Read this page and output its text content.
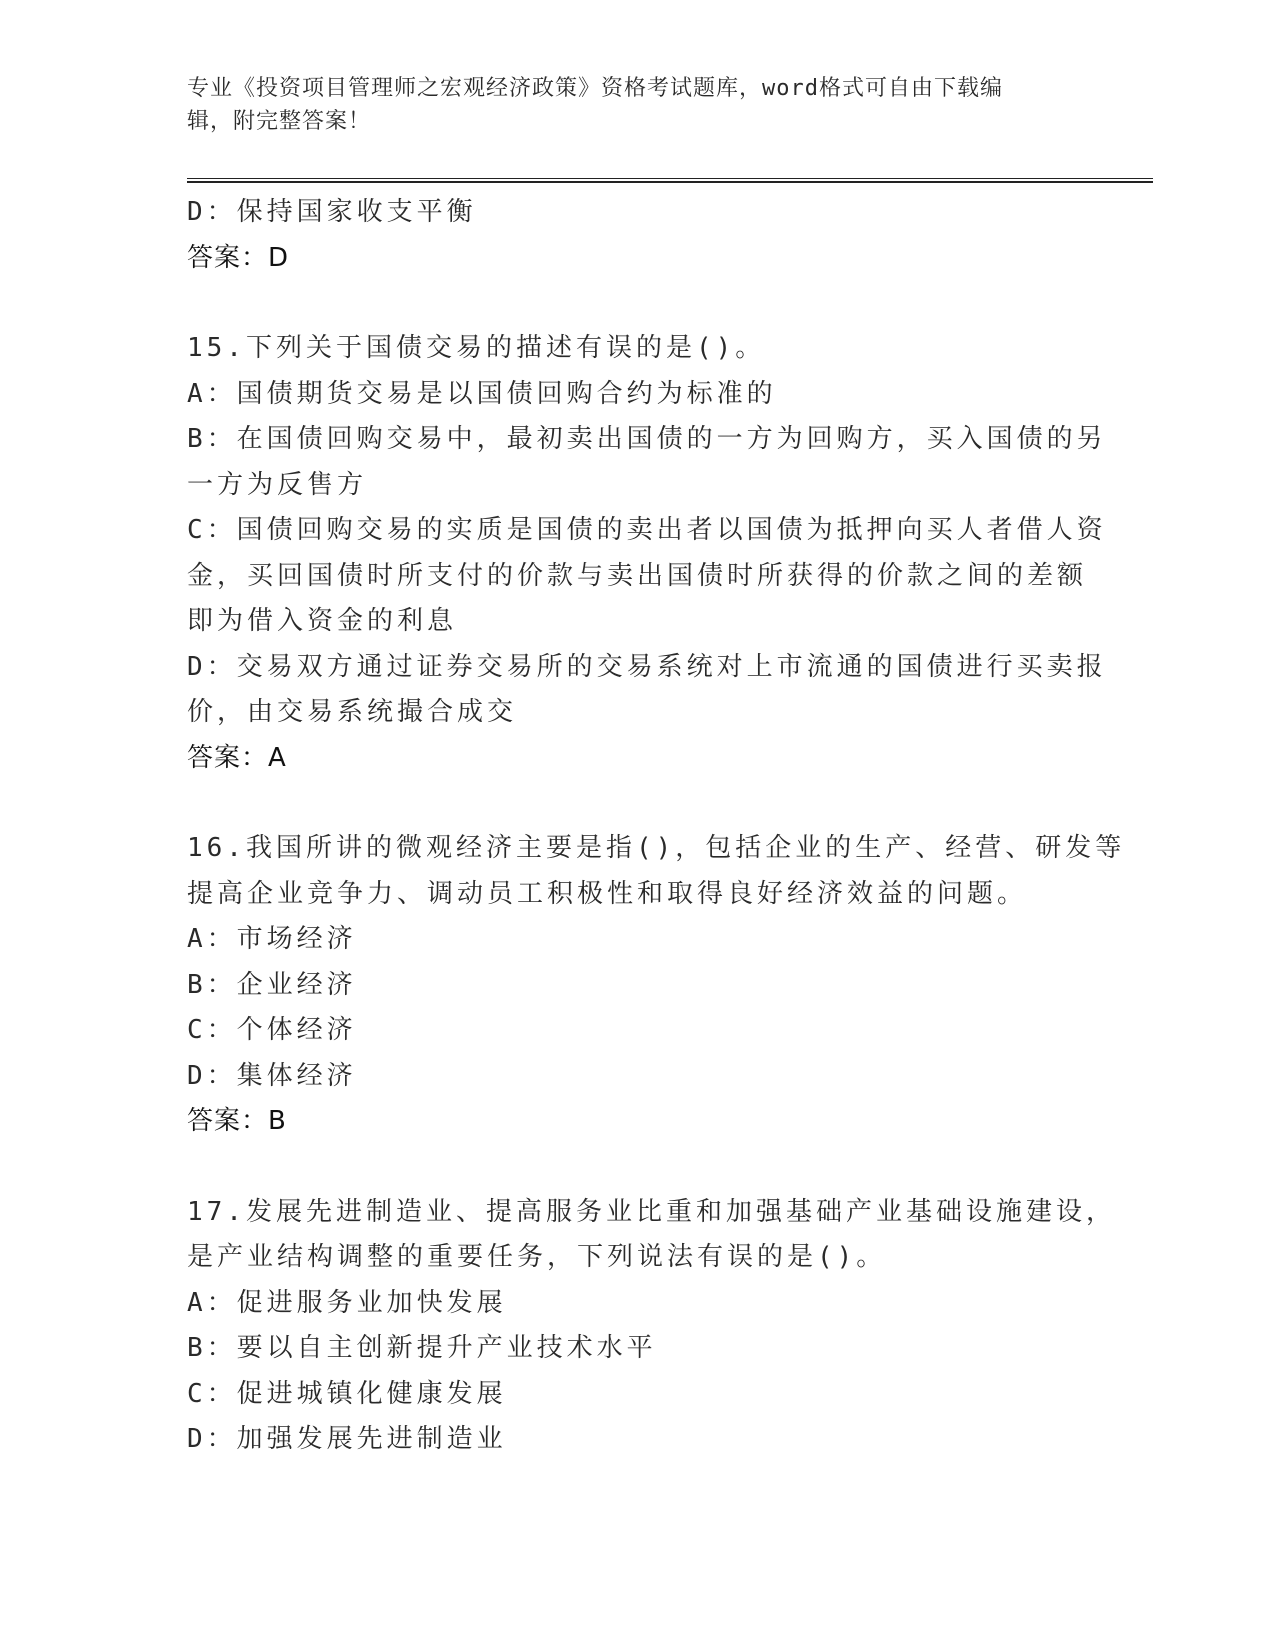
专业《投资项目管理师之宏观经济政策》资格考试题库，word格式可自由下载编
辑，附完整答案！
D：保持国家收支平衡
答案：D
15.下列关于国债交易的描述有误的是()。
A：国债期货交易是以国债回购合约为标准的
B：在国债回购交易中，最初卖出国债的一方为回购方，买入国债的另
一方为反售方
C：国债回购交易的实质是国债的卖出者以国债为抵押向买人者借人资
金，买回国债时所支付的价款与卖出国债时所获得的价款之间的差额
即为借入资金的利息
D：交易双方通过证券交易所的交易系统对上市流通的国债进行买卖报
价，由交易系统撮合成交
答案：A
16.我国所讲的微观经济主要是指()，包括企业的生产、经营、研发等
提高企业竞争力、调动员工积极性和取得良好经济效益的问题。
A：市场经济
B：企业经济
C：个体经济
D：集体经济
答案：B
17.发展先进制造业、提高服务业比重和加强基础产业基础设施建设，
是产业结构调整的重要任务，下列说法有误的是()。
A：促进服务业加快发展
B：要以自主创新提升产业技术水平
C：促进城镇化健康发展
D：加强发展先进制造业
